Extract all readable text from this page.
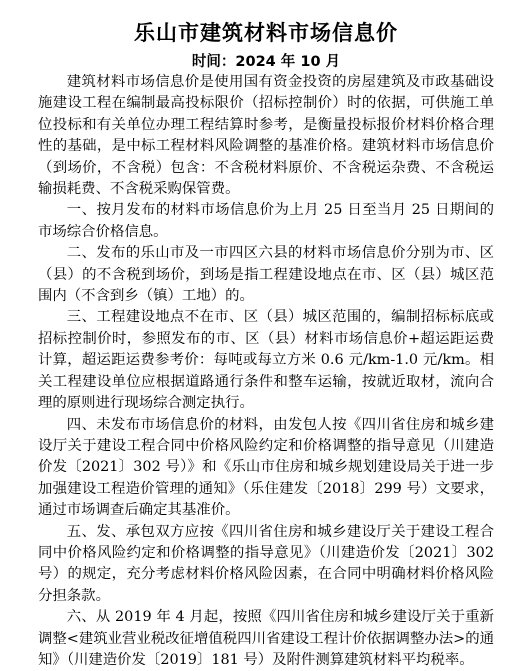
乐山市建筑材料市场信息价
时间：2024 年 10 月

建筑材料市场信息价是使用国有资金投资的房屋建筑及市政基础设施建设工程在编制最高投标限价（招标控制价）时的依据，可供施工单位投标和有关单位办理工程结算时参考，是衡量投标报价材料价格合理性的基础，是中标工程材料风险调整的基准价格。建筑材料市场信息价（到场价，不含税）包含：不含税材料原价、不含税运杂费、不含税运输损耗费、不含税采购保管费。

一、按月发布的材料市场信息价为上月 25 日至当月 25 日期间的市场综合价格信息。

二、发布的乐山市及一市四区六县的材料市场信息价分别为市、区（县）的不含税到场价，到场是指工程建设地点在市、区（县）城区范围内（不含到乡（镇）工地）的。

三、工程建设地点不在市、区（县）城区范围的，编制招标标底或招标控制价时，参照发布的市、区（县）材料市场信息价+超运距运费计算，超运距运费参考价：每吨或每立方米 0.6 元/km-1.0 元/km。相关工程建设单位应根据道路通行条件和整车运输，按就近取材，流向合理的原则进行现场综合测定执行。

四、未发布市场信息价的材料，由发包人按《四川省住房和城乡建设厅关于建设工程合同中价格风险约定和价格调整的指导意见（川建造价发〔2021〕302 号）》和《乐山市住房和城乡规划建设局关于进一步加强建设工程造价管理的通知》（乐住建发〔2018〕299 号）文要求，通过市场调查后确定其基准价。

五、发、承包双方应按《四川省住房和城乡建设厅关于建设工程合同中价格风险约定和价格调整的指导意见》（川建造价发〔2021〕302 号）的规定，充分考虑材料价格风险因素，在合同中明确材料价格风险分担条款。

六、从 2019 年 4 月起，按照《四川省住房和城乡建设厅关于重新调整<建筑业营业税改征增值税四川省建设工程计价依据调整办法>的通知》（川建造价发〔2019〕181 号）及附件测算建筑材料平均税率。
